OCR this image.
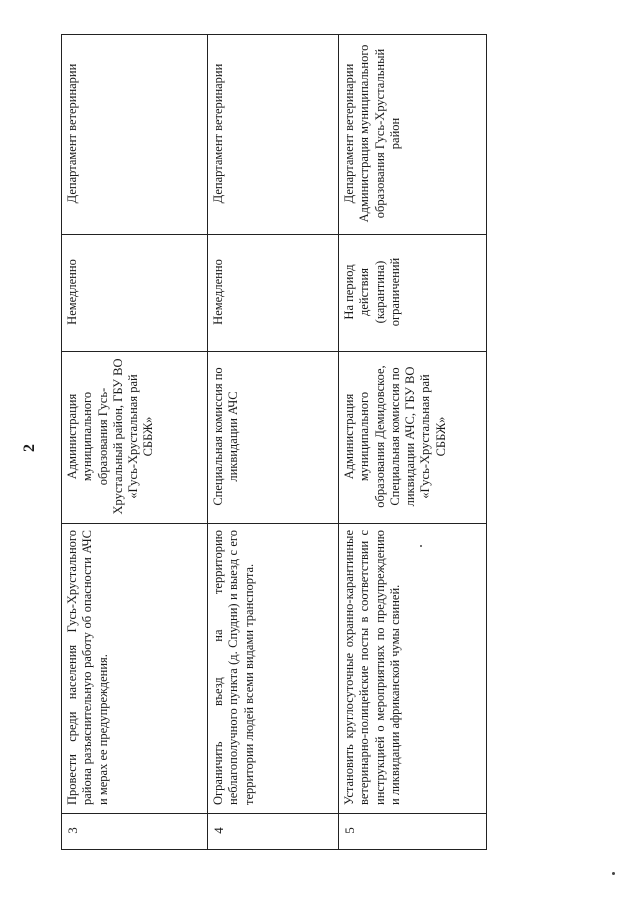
2
3	Провести среди населения Гусь-Хрустального района разъяснительную работу об опасности АЧС и мерах ее предупреждения.	Администрация муниципального образования Гусь-Хрустальный район, ГБУ ВО «Гусь-Хрустальная рай СББЖ»	Немедленно	Департамент ветеринарии
4	Ограничить въезд на территорию неблагополучного пункта (д. Спудни) и выезд с его территории людей всеми видами транспорта.	Специальная комиссия по ликвидации АЧС	Немедленно	Департамент ветеринарии
5	Установить круглосуточные охранно-карантинные ветеринарно-полицейские посты в соответствии с инструкцией о мероприятиях по предупреждению и ликвидации африканской чумы свиней.	Администрация муниципального образования Демидовское, Специальная комиссия по ликвидации АЧС, ГБУ ВО «Гусь-Хрустальная рай СББЖ»	На период действия (карантина) ограничений	Департамент ветеринарии Администрация муниципального образования Гусь-Хрустальный район
